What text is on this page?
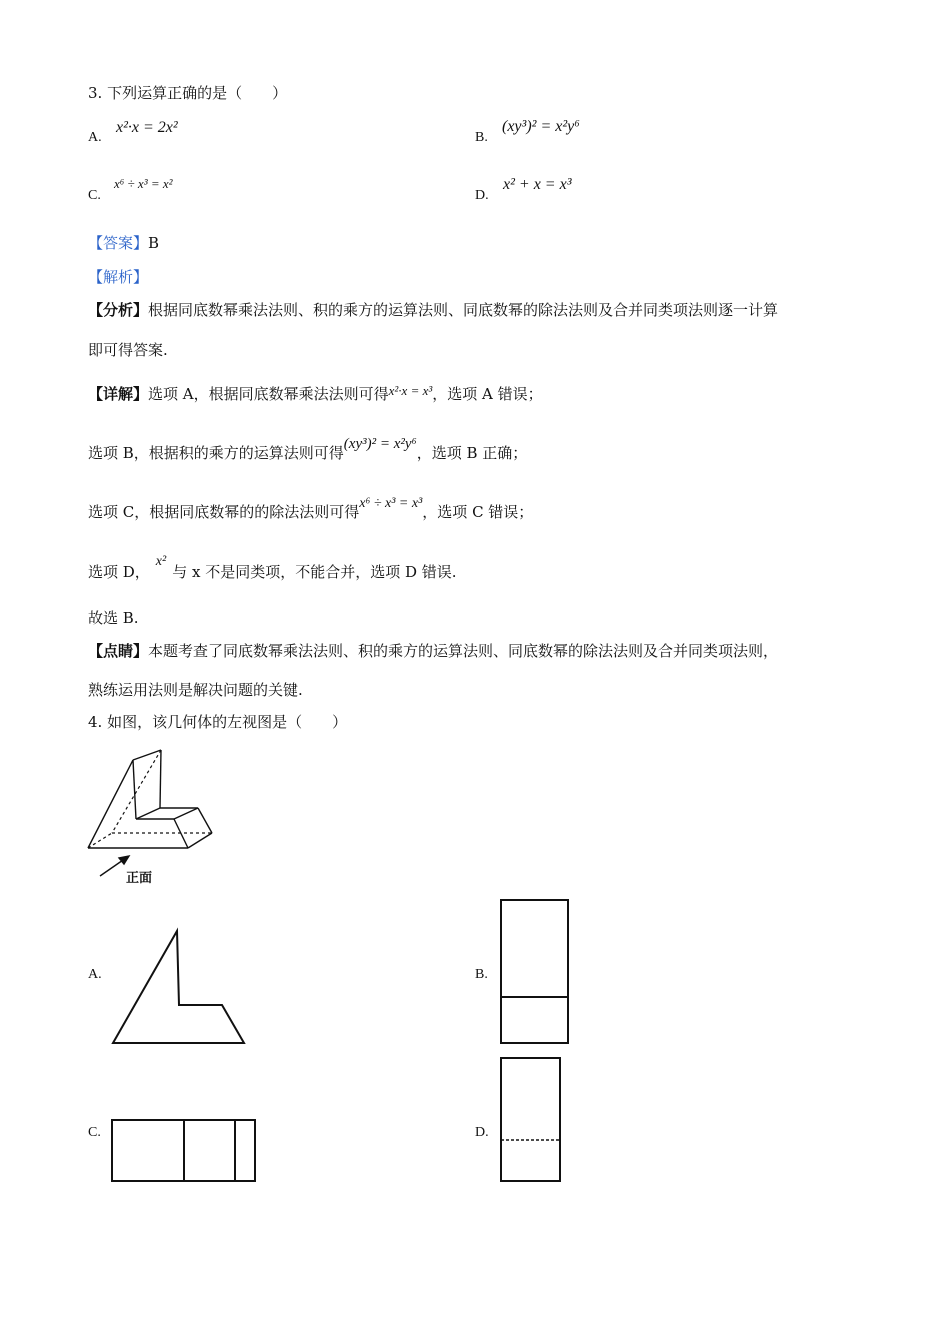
3. 下列运算正确的是（　　）
A.
x²·x = 2x²
B.
(xy³)² = x²y⁶
C.
x⁶ ÷ x³ = x²
D.
x² + x = x³
【答案】B
【解析】
【分析】根据同底数幂乘法法则、积的乘方的运算法则、同底数幂的除法法则及合并同类项法则逐一计算
即可得答案.
【详解】选项 A，根据同底数幂乘法法则可得x²·x = x³，选项 A 错误；
选项 B，根据积的乘方的运算法则可得(xy³)² = x²y⁶，选项 B 正确；
选项 C，根据同底数幂的的除法法则可得x⁶ ÷ x³ = x³，选项 C 错误；
选项 D，x²与 x 不是同类项，不能合并，选项 D 错误.
故选 B.
【点睛】本题考查了同底数幂乘法法则、积的乘方的运算法则、同底数幂的除法法则及合并同类项法则，
熟练运用法则是解决问题的关键.
4. 如图，该几何体的左视图是（　　）
正面
A.	B.
C.	D.
